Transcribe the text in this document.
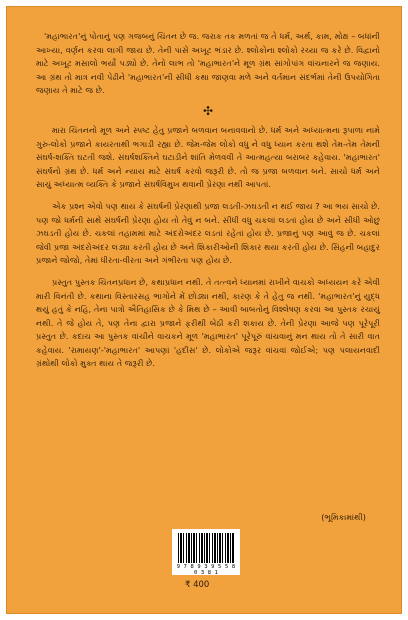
'મહાભારત'નું પોતાનું પણ ગજબનું ચિંતન છે જ. જરાક તક મળતાં જ તે ધર્મ, અર્થ, કામ, મોક્ષ – બધાંની આખ્યા, વર્ણન કરવા લાગી જાય છે. તેની પાસે અખૂટ ભંડાર છે. શ્લોકોના શ્લોકો રચ્યા જ કરે છે. વિદ્વાનો માટે અખૂટ મસાલો ભર્યો પડ્યો છે. તેનો લાભ તો 'મહાભારત'ને મૂળ ગ્રંથ સાંગોપાંગ વાંચનારને જ જણાય. આ ગ્રંથ તો માત્ર નવી પેઢીને 'મહાભારત'ની સીધી કથા જાણવા મળે અને વર્તમાન સંદર્ભમાં તેની ઉપયોગિતા જણાય તે માટે જ છે.

✣

મારા ચિંતનનો મૂળ અને સ્પષ્ટ હેતુ પ્રજાને બળવાન બનાવવાનો છે. ધર્મ અને અધ્યાત્મના રૂપાળા નામે ગુરુ-લોકો પ્રજાને કાયરતાથી ભગાડી રહ્યા છે. જેમ-જેમ લોકો વધુ ને વધુ ધ્યાન કરતા થશે તેમ-તેમ તેમની સંઘર્ષ-શક્તિ ઘટતી જશે. સંઘર્ષશક્તિને ઘટાડીને શાંતિ મેળવવી તે આત્મહત્યા બરાબર કહેવાય. 'મહાભારત' સંઘર્ષનો ગ્રંથ છે. ધર્મ અને ન્યાય માટે સંઘર્ષ કરવો જરૂરી છે. તો જ પ્રજા બળવાન બને. સાચો ધર્મ અને સાચું અધ્યાત્મ વ્યક્તિ કે પ્રજાને સંઘર્ષવિમુખ થવાની પ્રેરણા નથી આપતાં.

એક પ્રશ્ન એવો પણ થાય કે સંઘર્ષની પ્રેરણાથી પ્રજા લડતી-ઝઘડતી ન થઈ જાય ? આ ભય સાચો છે. પણ જો ધર્મની સાથે સંઘર્ષની પ્રેરણા હોય તો તેવું ન બને. સીધી વધુ ચકલાં લડતાં હોય છે અને સીધી ઓછું ઝઘડતી હોય છે. ચકલાં તહામમાં માટે અંદરોઅંદર લડતાં રહેતાં હોય છે. પ્રજાનું પણ આવું જ છે. ચકલાં જેવી પ્રજા અંદરોઅંદર લડ્યા કરતી હોય છે અને શિકારીઓની શિકાર થયા કરતી હોય છે. સિંહની બહાદુર પ્રજાને જોજો, તેમાં ધીરતા-વીરતા અને ગંભીરતા પણ હોય છે.

પ્રસ્તુત પુસ્તક ચિંતનપ્રધાન છે, કથાપ્રધાન નથી. તે તત્ત્વને ધ્યાનમાં રાખીને વાચકો અધ્યયન કરે એવી મારી વિનંતી છે. કથાના વિસ્તારસહ ભાગોને મેં છોડ્યા નથી, કારણ કે તે હેતુ જ નથી. 'મહાભારત'નું યુદ્ધ થયું હતું કે નહિ, તેના પાત્રો ઐતિહાસિક છે કે મિથ છે – આવી બાબતોનું વિશ્લેષણ કરવા આ પુસ્તક રચાયું નથી. તે જે હોય તે, પણ તેના દ્વારા પ્રજાને ફરીથી બેઠી કરી શકાય છે. તેની પ્રેરણા આજે પણ પૂરેપૂરી પ્રસ્તુત છે. કદાચ આ પુસ્તક વાંચીને વાચકને મૂળ 'મહાભારત' પૂરેપૂરું વાંચવાનું મન થાય તો તે સારી વાત કહેવાય. 'રામાયણ'-'મહાભારત' આપણાં 'હદીસ' છે. લોકોએ જરૂર વાંચવાં જોઈએ; પણ પલાયનવાદી ગ્રંથોથી લોકો મુક્ત થાય તે જરૂરી છે.

(ભૂમિકામાંથી)
9 7 8 9 3 9 5 5 8 0 3 8 1
₹ 400
